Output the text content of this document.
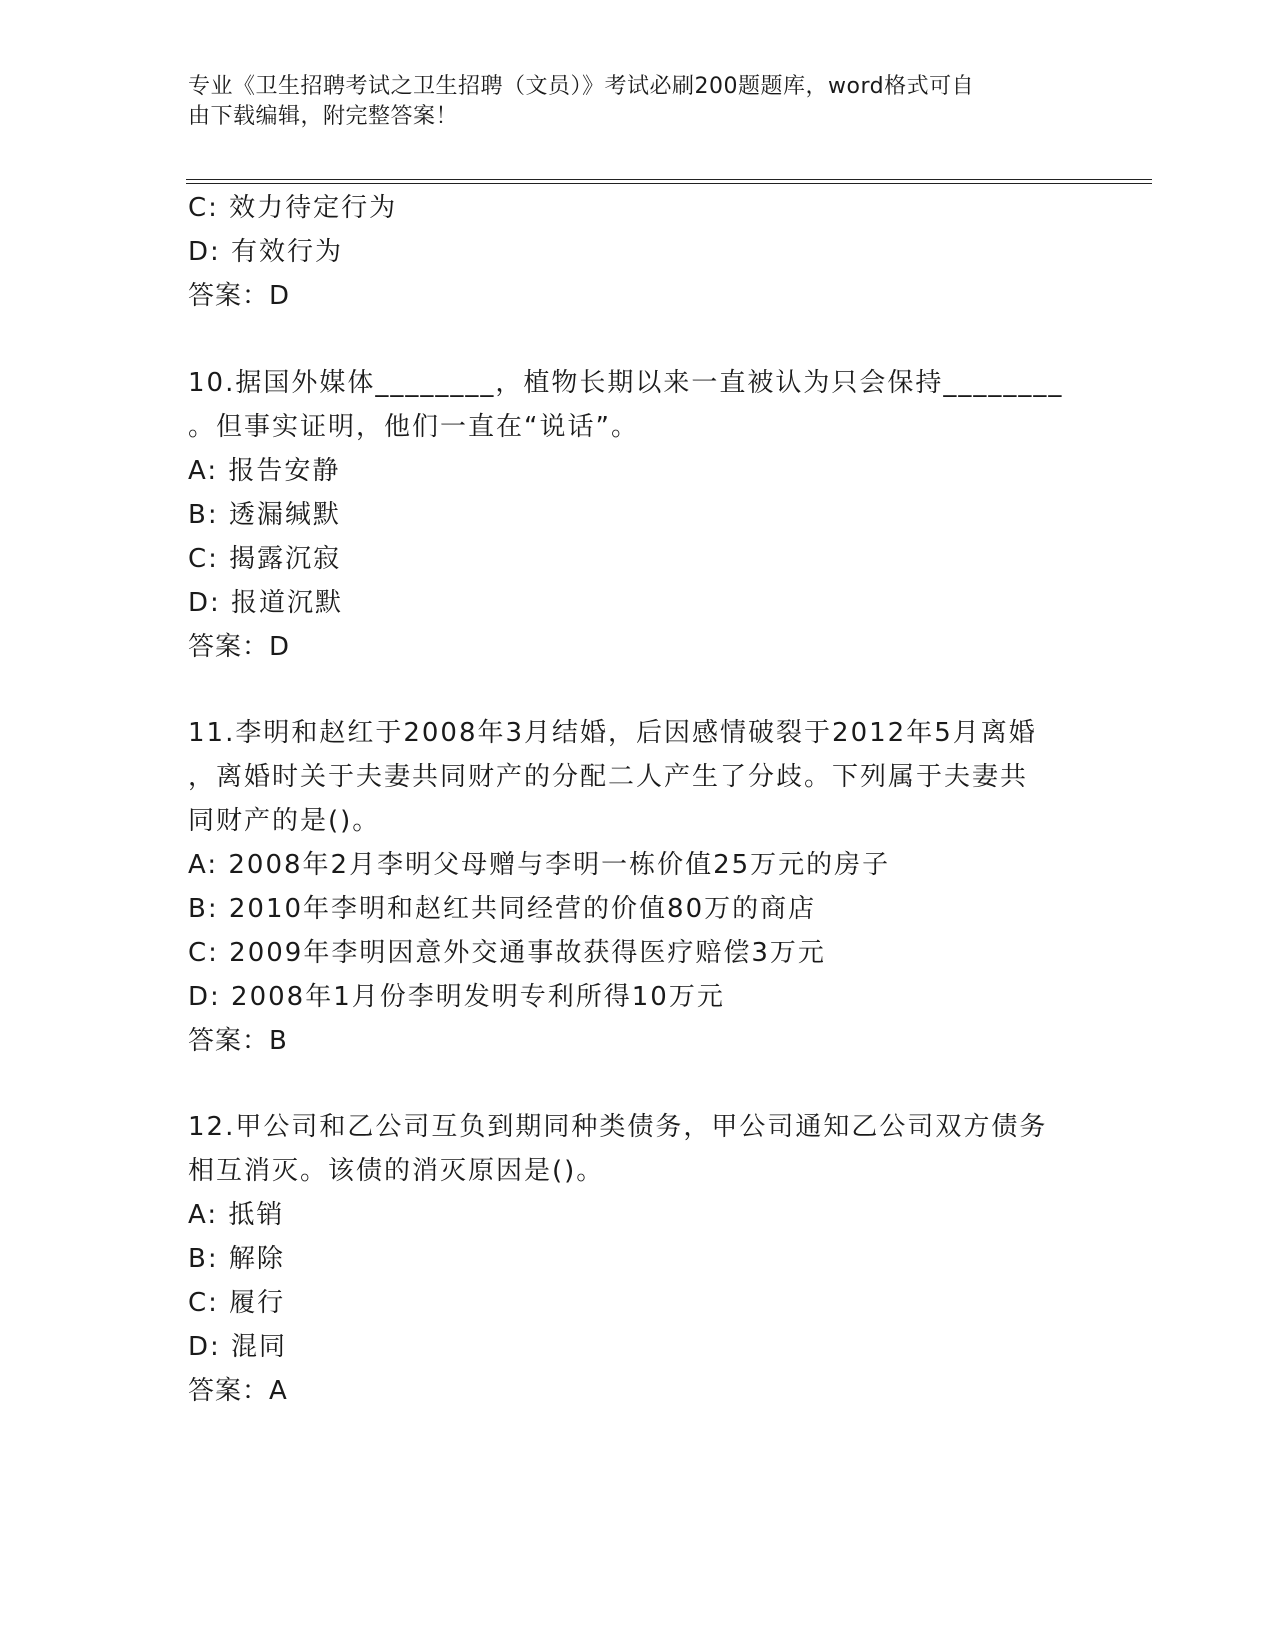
专业《卫生招聘考试之卫生招聘（文员）》考试必刷200题题库，word格式可自
由下载编辑，附完整答案！
C: 效力待定行为
D: 有效行为
答案：D
10.据国外媒体________，植物长期以来一直被认为只会保持________
。但事实证明，他们一直在“说话”。
A: 报告安静
B: 透漏缄默
C: 揭露沉寂
D: 报道沉默
答案：D
11.李明和赵红于2008年3月结婚，后因感情破裂于2012年5月离婚
，离婚时关于夫妻共同财产的分配二人产生了分歧。下列属于夫妻共
同财产的是()。
A: 2008年2月李明父母赠与李明一栋价值25万元的房子
B: 2010年李明和赵红共同经营的价值80万的商店
C: 2009年李明因意外交通事故获得医疗赔偿3万元
D: 2008年1月份李明发明专利所得10万元
答案：B
12.甲公司和乙公司互负到期同种类债务，甲公司通知乙公司双方债务
相互消灭。该债的消灭原因是()。
A: 抵销
B: 解除
C: 履行
D: 混同
答案：A
